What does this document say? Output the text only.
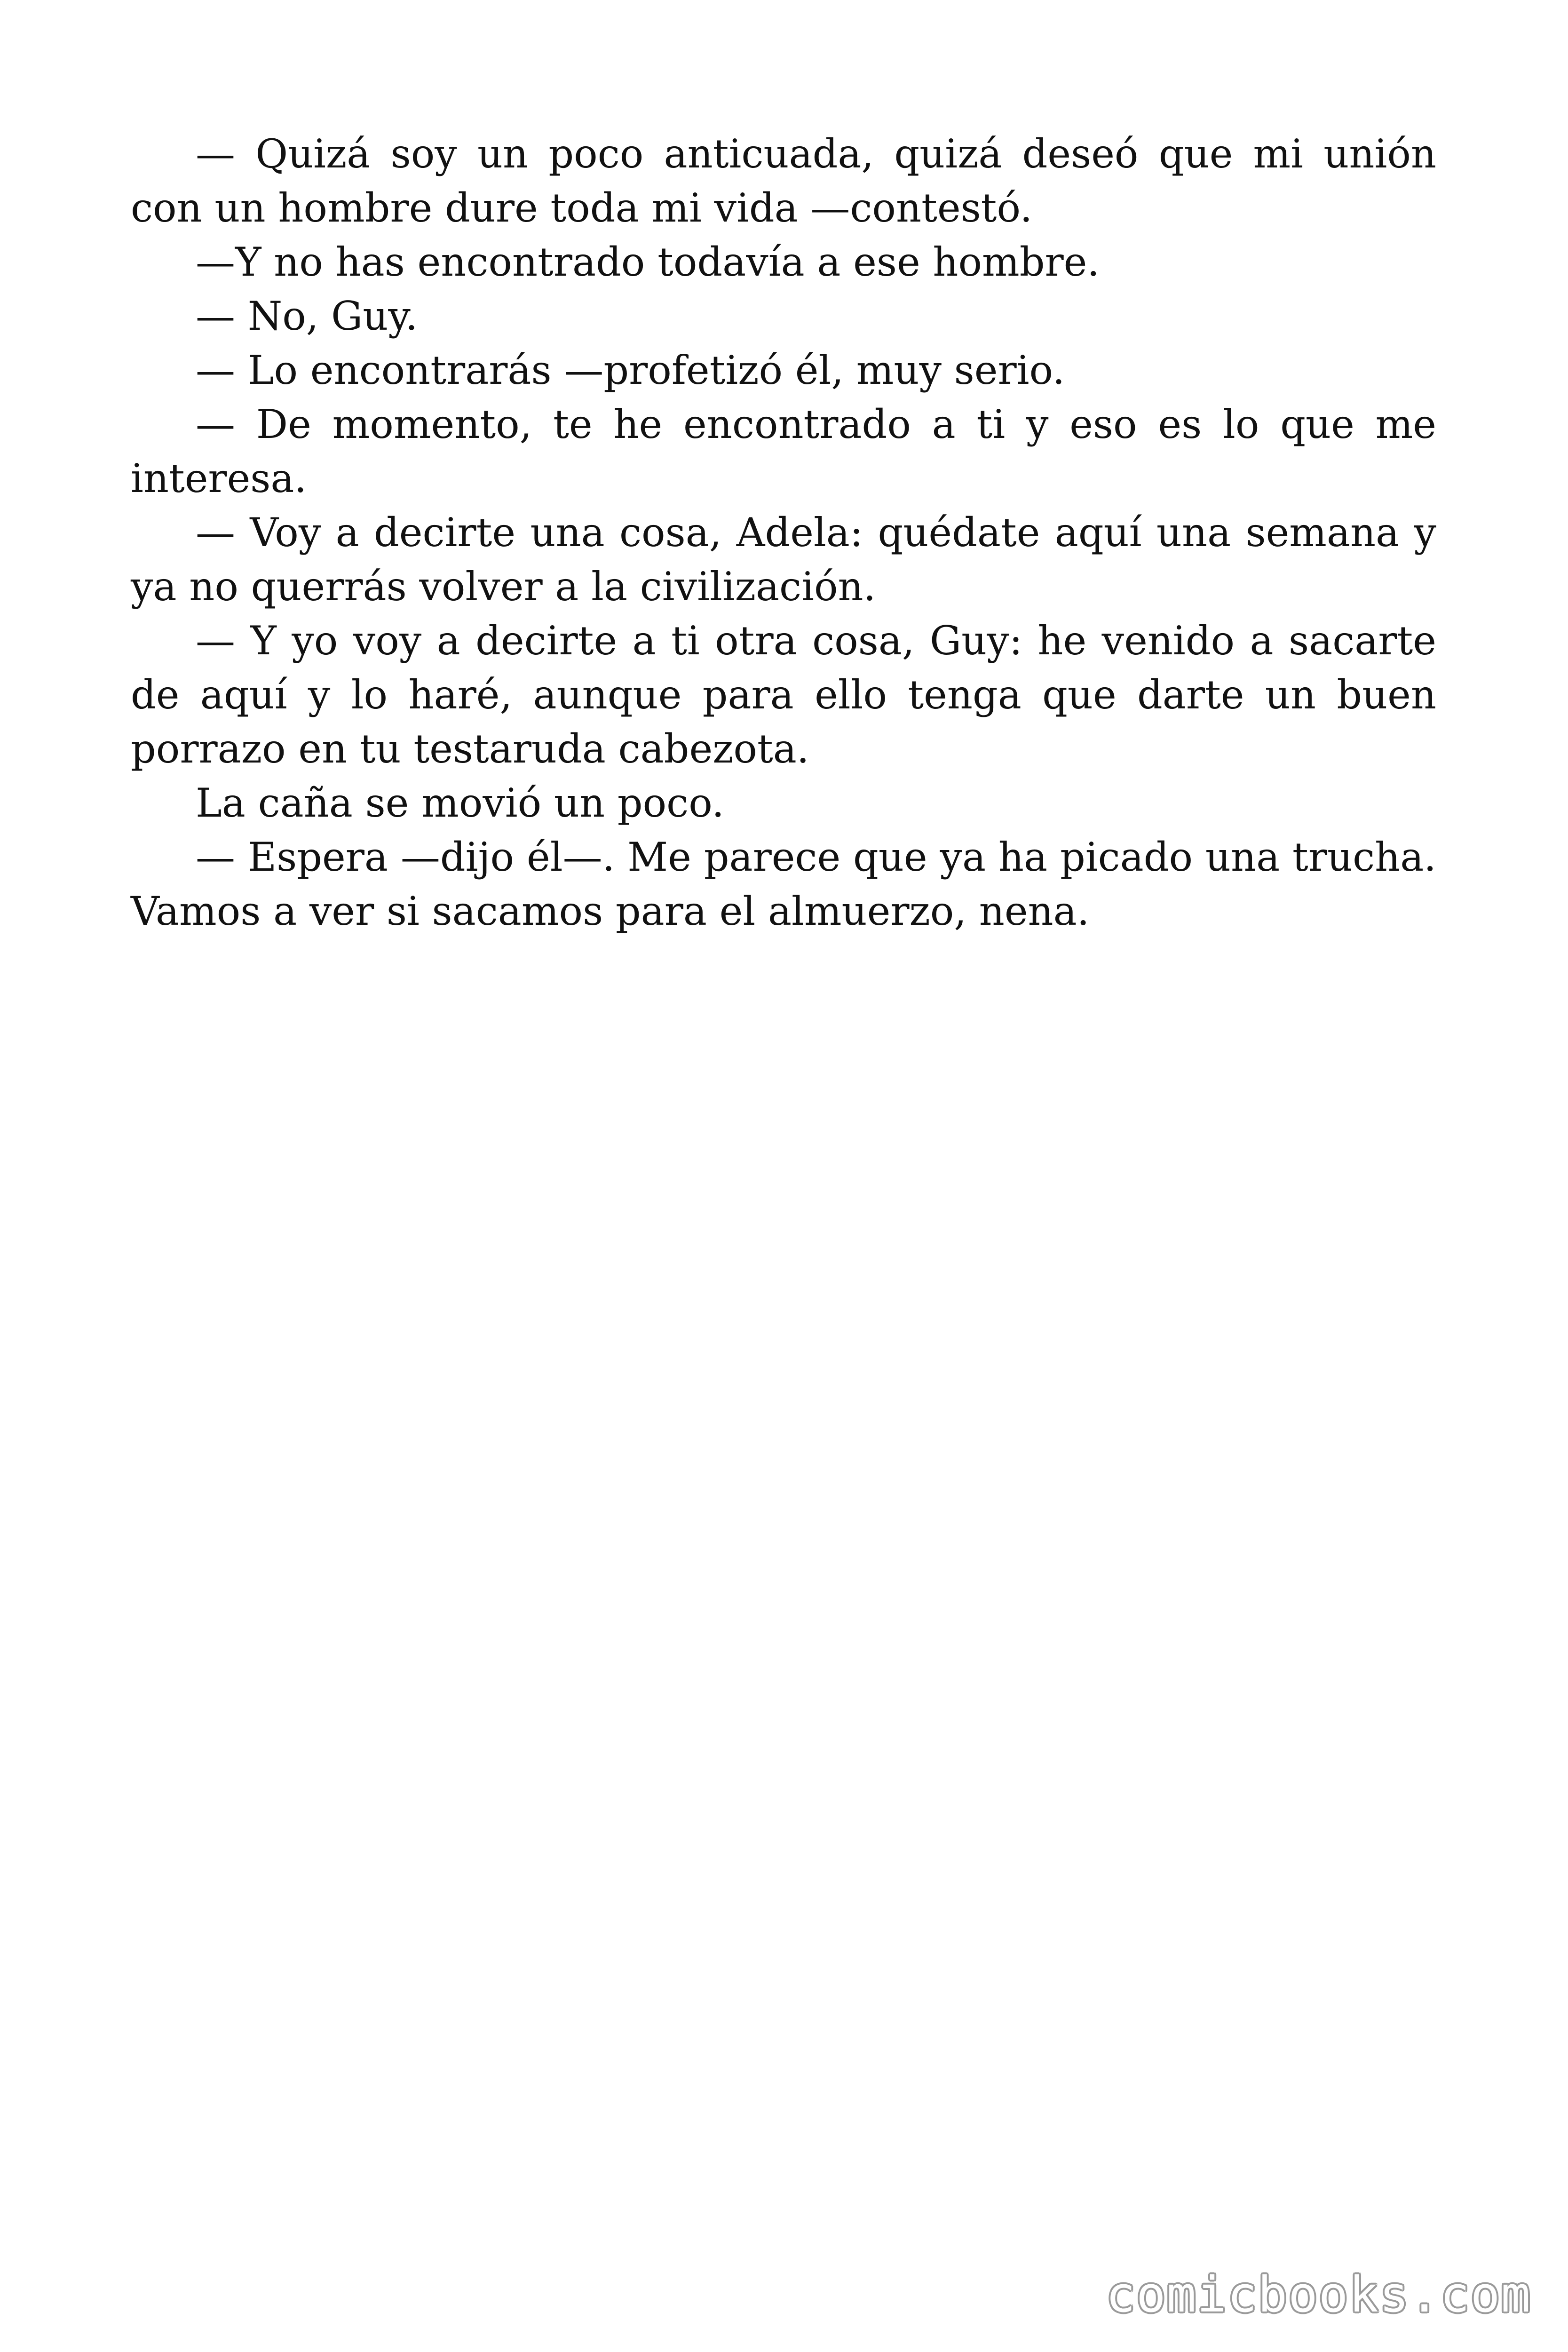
— Quizá soy un poco anticuada, quizá deseó que mi unión con un hombre dure toda mi vida —contestó.

—Y no has encontrado todavía a ese hombre.

— No, Guy.

— Lo encontrarás —profetizó él, muy serio.

— De momento, te he encontrado a ti y eso es lo que me interesa.

— Voy a decirte una cosa, Adela: quédate aquí una semana y ya no querrás volver a la civilización.

— Y yo voy a decirte a ti otra cosa, Guy: he venido a sacarte de aquí y lo haré, aunque para ello tenga que darte un buen porrazo en tu testaruda cabezota.

La caña se movió un poco.

— Espera —dijo él—. Me parece que ya ha picado una trucha. Vamos a ver si sacamos para el almuerzo, nena.

comicbooks.com
